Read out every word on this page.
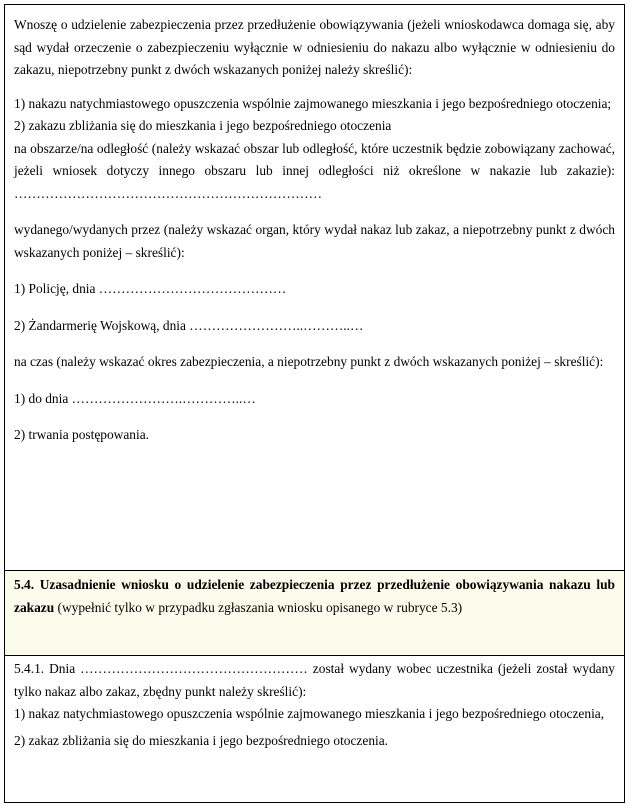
Wnoszę o udzielenie zabezpieczenia przez przedłużenie obowiązywania (jeżeli wnioskodawca domaga się, aby sąd wydał orzeczenie o zabezpieczeniu wyłącznie w odniesieniu do nakazu albo wyłącznie w odniesieniu do zakazu, niepotrzebny punkt z dwóch wskazanych poniżej należy skreślić):

1) nakazu natychmiastowego opuszczenia wspólnie zajmowanego mieszkania i jego bezpośredniego otoczenia;

2) zakazu zbliżania się do mieszkania i jego bezpośredniego otoczenia

na obszarze/na odległość (należy wskazać obszar lub odległość, które uczestnik będzie zobowiązany zachować, jeżeli wniosek dotyczy innego obszaru lub innej odległości niż określone w nakazie lub zakazie): ……………………………………………………………

wydanego/wydanych przez (należy wskazać organ, który wydał nakaz lub zakaz, a niepotrzebny punkt z dwóch wskazanych poniżej – skreślić):

1) Policję, dnia ……………………………………

2) Żandarmerię Wojskową, dnia ……………………..………..…

na czas (należy wskazać okres zabezpieczenia, a niepotrzebny punkt z dwóch wskazanych poniżej – skreślić):

1) do dnia …………………….…………..…

2) trwania postępowania.

5.4. Uzasadnienie wniosku o udzielenie zabezpieczenia przez przedłużenie obowiązywania nakazu lub zakazu (wypełnić tylko w przypadku zgłaszania wniosku opisanego w rubryce 5.3)

5.4.1. Dnia …………………………………………… został wydany wobec uczestnika (jeżeli został wydany tylko nakaz albo zakaz, zbędny punkt należy skreślić):

1) nakaz natychmiastowego opuszczenia wspólnie zajmowanego mieszkania i jego bezpośredniego otoczenia,

2) zakaz zbliżania się do mieszkania i jego bezpośredniego otoczenia.
